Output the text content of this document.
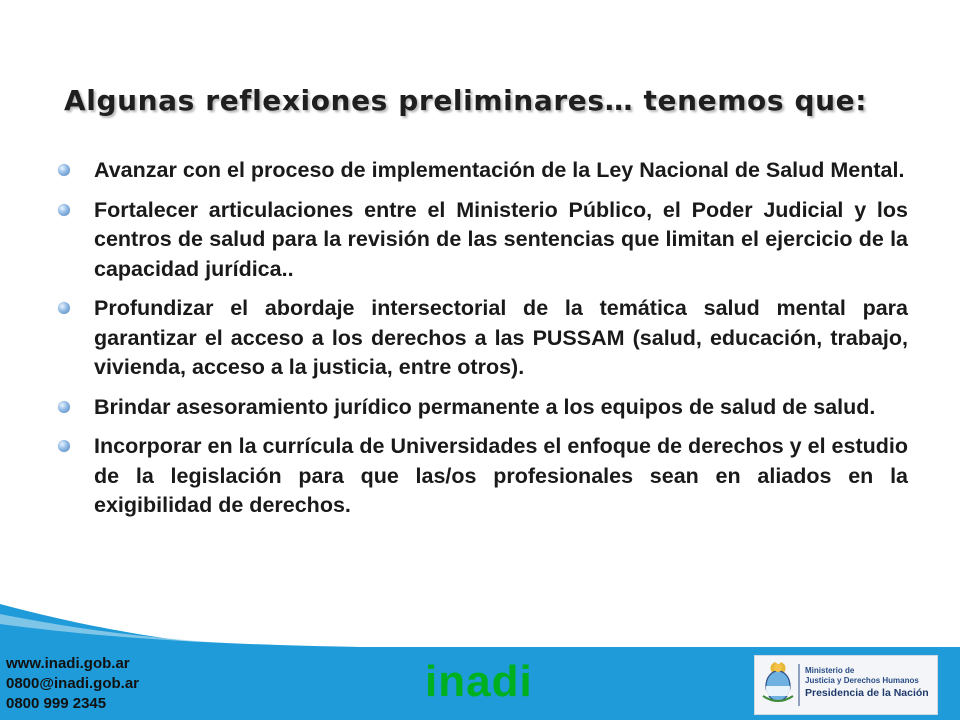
Algunas reflexiones preliminares… tenemos que:
Avanzar con el proceso de implementación de la Ley Nacional de Salud Mental.
Fortalecer articulaciones entre el Ministerio Público, el Poder Judicial y los centros de salud para la revisión de las sentencias que limitan el ejercicio de la capacidad jurídica..
Profundizar el abordaje intersectorial de la temática salud mental para garantizar el acceso a los derechos a las PUSSAM (salud, educación, trabajo, vivienda, acceso a la justicia, entre otros).
Brindar asesoramiento jurídico permanente a los equipos de salud de salud.
Incorporar en la currícula de Universidades el enfoque de derechos y el estudio de la legislación para que las/os profesionales sean en aliados en la exigibilidad de derechos.
www.inadi.gob.ar
0800@inadi.gob.ar
0800 999 2345	inadi	Ministerio de
Justicia y Derechos Humanos
Presidencia de la Nación
